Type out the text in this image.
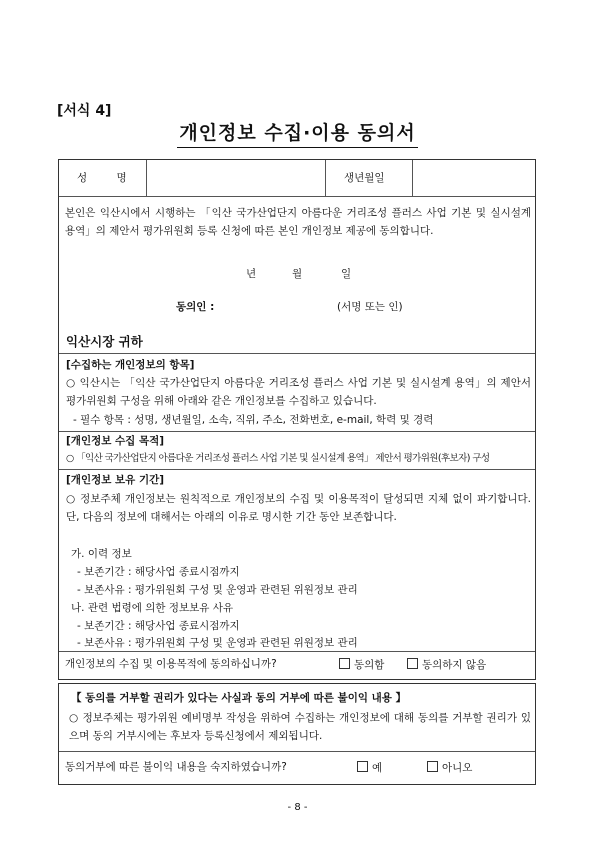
[서식 4]
개인정보 수집·이용 동의서
성 명	생년월일
본인은 익산시에서 시행하는 「익산 국가산업단지 아름다운 거리조성 플러스 사업 기본 및 실시설계 용역」의 제안서 평가위원회 등록 신청에 따른 본인 개인정보 제공에 동의합니다.
년	월	일
동의인 :	(서명 또는 인)
익산시장 귀하
[수집하는 개인정보의 항목]
○ 익산시는 「익산 국가산업단지 아름다운 거리조성 플러스 사업 기본 및 실시설계 용역」의 제안서 평가위원회 구성을 위해 아래와 같은 개인정보를 수집하고 있습니다.
- 필수 항목 : 성명, 생년월일, 소속, 직위, 주소, 전화번호, e-mail, 학력 및 경력
[개인정보 수집 목적]
○ 「익산 국가산업단지 아름다운 거리조성 플러스 사업 기본 및 실시설계 용역」 제안서 평가위원(후보자) 구성
[개인정보 보유 기간]
○ 정보주체 개인정보는 원칙적으로 개인정보의 수집 및 이용목적이 달성되면 지체 없이 파기합니다. 단, 다음의 정보에 대해서는 아래의 이유로 명시한 기간 동안 보존합니다.
가. 이력 정보
- 보존기간 : 해당사업 종료시점까지
- 보존사유 : 평가위원회 구성 및 운영과 관련된 위원정보 관리
나. 관련 법령에 의한 정보보유 사유
- 보존기간 : 해당사업 종료시점까지
- 보존사유 : 평가위원회 구성 및 운영과 관련된 위원정보 관리
개인정보의 수집 및 이용목적에 동의하십니까?	동의함	동의하지 않음
【 동의를 거부할 권리가 있다는 사실과 동의 거부에 따른 불이익 내용 】
○ 정보주체는 평가위원 예비명부 작성을 위하여 수집하는 개인정보에 대해 동의를 거부할 권리가 있으며 동의 거부시에는 후보자 등록신청에서 제외됩니다.
동의거부에 따른 불이익 내용을 숙지하였습니까?	예	아니오
- 8 -
